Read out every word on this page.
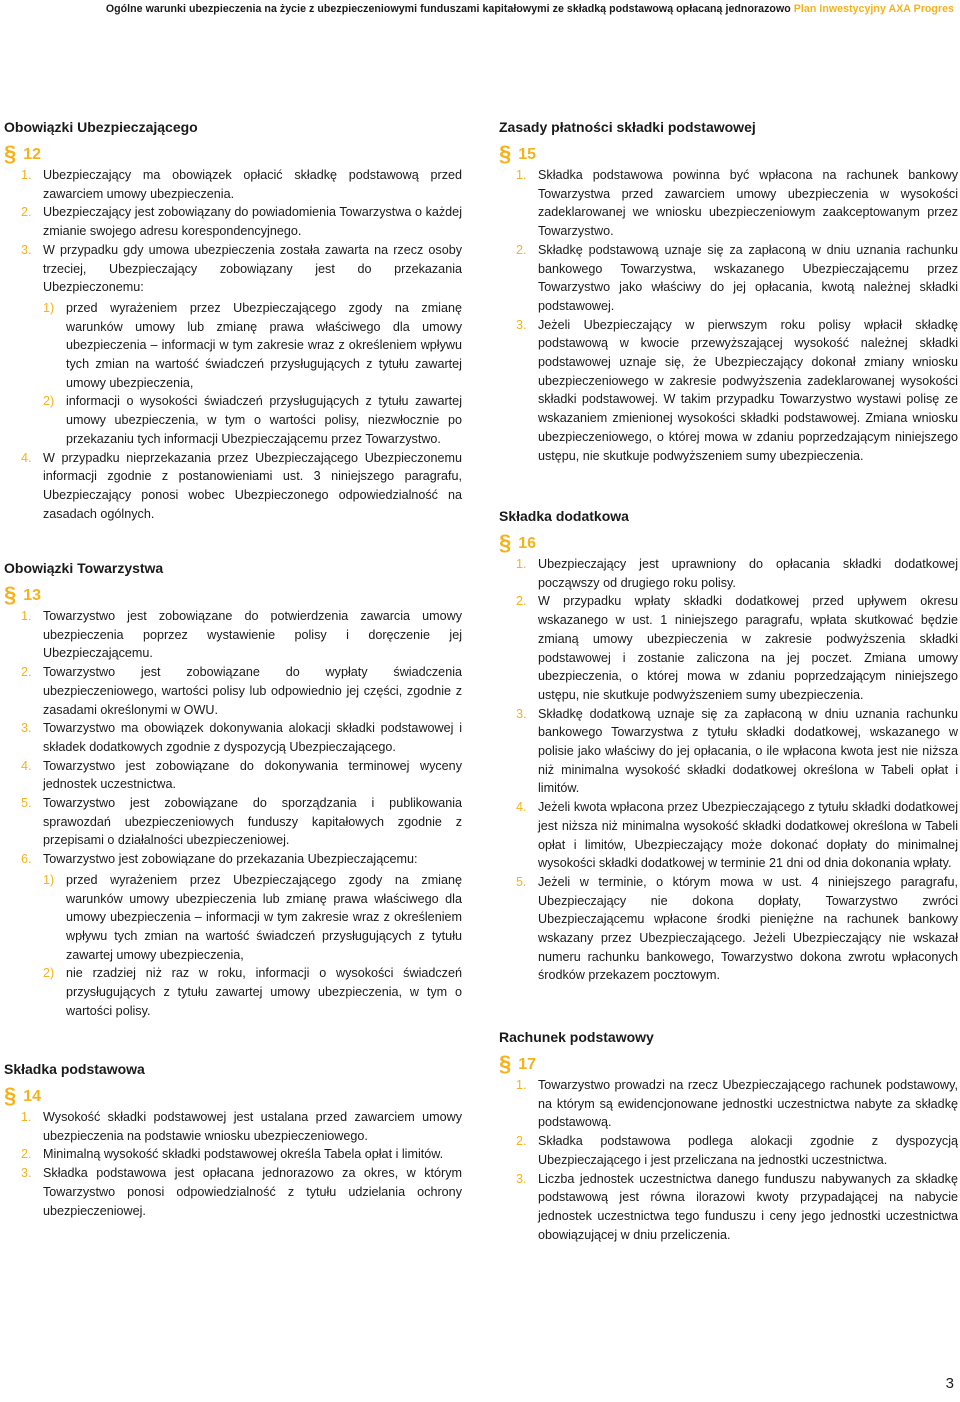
Ogólne warunki ubezpieczenia na życie z ubezpieczeniowymi funduszami kapitałowymi ze składką podstawową opłacaną jednorazowo Plan Inwestycyjny AXA Progres
Obowiązki Ubezpieczającego
§ 12
1. Ubezpieczający ma obowiązek opłacić składkę podstawową przed zawarciem umowy ubezpieczenia.
2. Ubezpieczający jest zobowiązany do powiadomienia Towarzystwa o każdej zmianie swojego adresu korespondencyjnego.
3. W przypadku gdy umowa ubezpieczenia została zawarta na rzecz osoby trzeciej, Ubezpieczający zobowiązany jest do przekazania Ubezpieczonemu:
1) przed wyrażeniem przez Ubezpieczającego zgody na zmianę warunków umowy lub zmianę prawa właściwego dla umowy ubezpieczenia – informacji w tym zakresie wraz z określeniem wpływu tych zmian na wartość świadczeń przysługujących z tytułu zawartej umowy ubezpieczenia,
2) informacji o wysokości świadczeń przysługujących z tytułu zawartej umowy ubezpieczenia, w tym o wartości polisy, niezwłocznie po przekazaniu tych informacji Ubezpieczającemu przez Towarzystwo.
4. W przypadku nieprzekazania przez Ubezpieczającego Ubezpieczonemu informacji zgodnie z postanowieniami ust. 3 niniejszego paragrafu, Ubezpieczający ponosi wobec Ubezpieczonego odpowiedzialność na zasadach ogólnych.
Obowiązki Towarzystwa
§ 13
1. Towarzystwo jest zobowiązane do potwierdzenia zawarcia umowy ubezpieczenia poprzez wystawienie polisy i doręczenie jej Ubezpieczającemu.
2. Towarzystwo jest zobowiązane do wypłaty świadczenia ubezpieczeniowego, wartości polisy lub odpowiednio jej części, zgodnie z zasadami określonymi w OWU.
3. Towarzystwo ma obowiązek dokonywania alokacji składki podstawowej i składek dodatkowych zgodnie z dyspozycją Ubezpieczającego.
4. Towarzystwo jest zobowiązane do dokonywania terminowej wyceny jednostek uczestnictwa.
5. Towarzystwo jest zobowiązane do sporządzania i publikowania sprawozdań ubezpieczeniowych funduszy kapitałowych zgodnie z przepisami o działalności ubezpieczeniowej.
6. Towarzystwo jest zobowiązane do przekazania Ubezpieczającemu:
1) przed wyrażeniem przez Ubezpieczającego zgody na zmianę warunków umowy ubezpieczenia lub zmianę prawa właściwego dla umowy ubezpieczenia – informacji w tym zakresie wraz z określeniem wpływu tych zmian na wartość świadczeń przysługujących z tytułu zawartej umowy ubezpieczenia,
2) nie rzadziej niż raz w roku, informacji o wysokości świadczeń przysługujących z tytułu zawartej umowy ubezpieczenia, w tym o wartości polisy.
Składka podstawowa
§ 14
1. Wysokość składki podstawowej jest ustalana przed zawarciem umowy ubezpieczenia na podstawie wniosku ubezpieczeniowego.
2. Minimalną wysokość składki podstawowej określa Tabela opłat i limitów.
3. Składka podstawowa jest opłacana jednorazowo za okres, w którym Towarzystwo ponosi odpowiedzialność z tytułu udzielania ochrony ubezpieczeniowej.
Zasady płatności składki podstawowej
§ 15
1. Składka podstawowa powinna być wpłacona na rachunek bankowy Towarzystwa przed zawarciem umowy ubezpieczenia w wysokości zadeklarowanej we wniosku ubezpieczeniowym zaakceptowanym przez Towarzystwo.
2. Składkę podstawową uznaje się za zapłaconą w dniu uznania rachunku bankowego Towarzystwa, wskazanego Ubezpieczającemu przez Towarzystwo jako właściwy do jej opłacania, kwotą należnej składki podstawowej.
3. Jeżeli Ubezpieczający w pierwszym roku polisy wpłacił składkę podstawową w kwocie przewyższającej wysokość należnej składki podstawowej uznaje się, że Ubezpieczający dokonał zmiany wniosku ubezpieczeniowego w zakresie podwyższenia zadeklarowanej wysokości składki podstawowej. W takim przypadku Towarzystwo wystawi polisę ze wskazaniem zmienionej wysokości składki podstawowej. Zmiana wniosku ubezpieczeniowego, o której mowa w zdaniu poprzedzającym niniejszego ustępu, nie skutkuje podwyższeniem sumy ubezpieczenia.
Składka dodatkowa
§ 16
1. Ubezpieczający jest uprawniony do opłacania składki dodatkowej począwszy od drugiego roku polisy.
2. W przypadku wpłaty składki dodatkowej przed upływem okresu wskazanego w ust. 1 niniejszego paragrafu, wpłata skutkować będzie zmianą umowy ubezpieczenia w zakresie podwyższenia składki podstawowej i zostanie zaliczona na jej poczet. Zmiana umowy ubezpieczenia, o której mowa w zdaniu poprzedzającym niniejszego ustępu, nie skutkuje podwyższeniem sumy ubezpieczenia.
3. Składkę dodatkową uznaje się za zapłaconą w dniu uznania rachunku bankowego Towarzystwa z tytułu składki dodatkowej, wskazanego w polisie jako właściwy do jej opłacania, o ile wpłacona kwota jest nie niższa niż minimalna wysokość składki dodatkowej określona w Tabeli opłat i limitów.
4. Jeżeli kwota wpłacona przez Ubezpieczającego z tytułu składki dodatkowej jest niższa niż minimalna wysokość składki dodatkowej określona w Tabeli opłat i limitów, Ubezpieczający może dokonać dopłaty do minimalnej wysokości składki dodatkowej w terminie 21 dni od dnia dokonania wpłaty.
5. Jeżeli w terminie, o którym mowa w ust. 4 niniejszego paragrafu, Ubezpieczający nie dokona dopłaty, Towarzystwo zwróci Ubezpieczającemu wpłacone środki pieniężne na rachunek bankowy wskazany przez Ubezpieczającego. Jeżeli Ubezpieczający nie wskazał numeru rachunku bankowego, Towarzystwo dokona zwrotu wpłaconych środków przekazem pocztowym.
Rachunek podstawowy
§ 17
1. Towarzystwo prowadzi na rzecz Ubezpieczającego rachunek podstawowy, na którym są ewidencjonowane jednostki uczestnictwa nabyte za składkę podstawową.
2. Składka podstawowa podlega alokacji zgodnie z dyspozycją Ubezpieczającego i jest przeliczana na jednostki uczestnictwa.
3. Liczba jednostek uczestnictwa danego funduszu nabywanych za składkę podstawową jest równa ilorazowi kwoty przypadającej na nabycie jednostek uczestnictwa tego funduszu i ceny jego jednostki uczestnictwa obowiązującej w dniu przeliczenia.
3
